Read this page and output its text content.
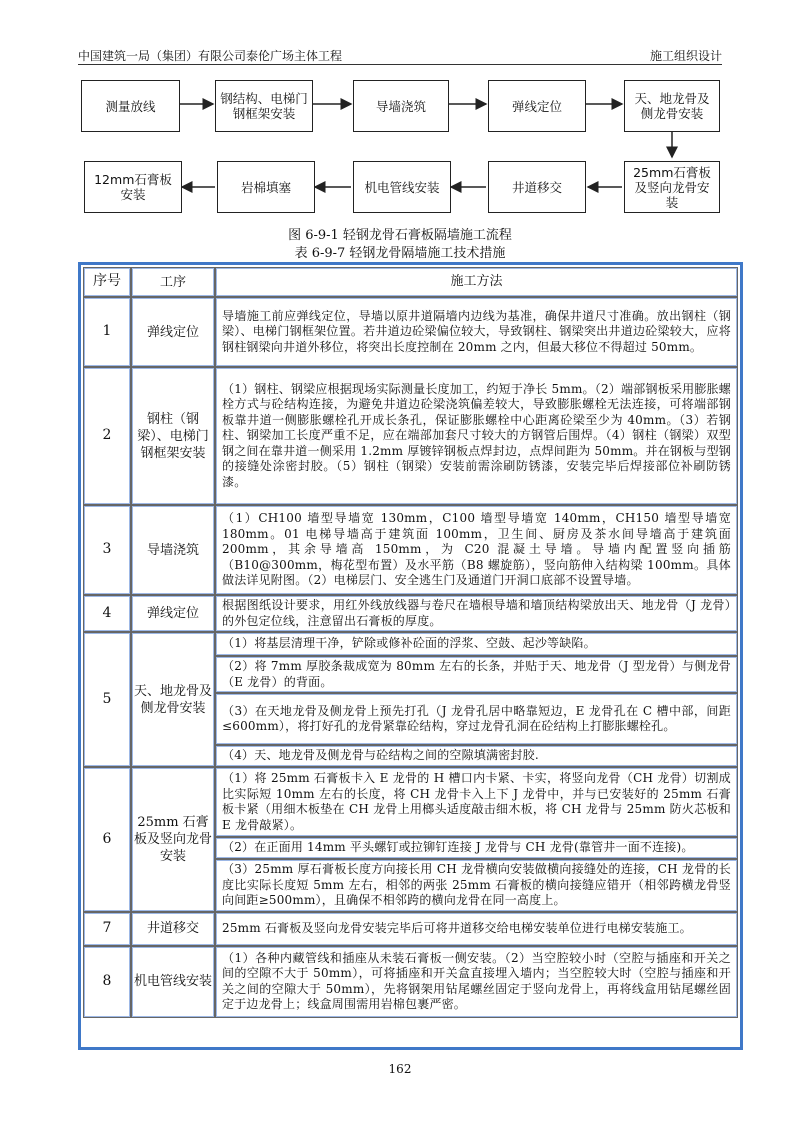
中国建筑一局（集团）有限公司泰伦广场主体工程	施工组织设计
测量放线	钢结构、电梯门钢框架安装	导墙浇筑	弹线定位	天、地龙骨及侧龙骨安装
12mm石膏板安装	岩棉填塞	机电管线安装	井道移交
25mm石膏板及竖向龙骨安装
图 6-9-1 轻钢龙骨石膏板隔墙施工流程
表 6-9-7 轻钢龙骨隔墙施工技术措施
序号	工序	施工方法
1	弹线定位	导墙施工前应弹线定位，导墙以原井道隔墙内边线为基准，确保井道尺寸准确。放出钢柱（钢梁）、电梯门钢框架位置。若井道边砼梁偏位较大，导致钢柱、钢梁突出井道边砼梁较大，应将钢柱钢梁向井道外移位，将突出长度控制在 20mm 之内，但最大移位不得超过 50mm。
2	钢柱（钢梁）、电梯门钢框架安装	（1）钢柱、钢梁应根据现场实际测量长度加工，约短于净长 5mm。（2）端部钢板采用膨胀螺栓方式与砼结构连接，为避免井道边砼梁浇筑偏差较大，导致膨胀螺栓无法连接，可将端部钢板靠井道一侧膨胀螺栓孔开成长条孔，保证膨胀螺栓中心距离砼梁至少为 40mm。（3）若钢柱、钢梁加工长度严重不足，应在端部加套尺寸较大的方钢管后围焊。（4）钢柱（钢梁）双型钢之间在靠井道一侧采用 1.2mm 厚镀锌钢板点焊封边，点焊间距为 50mm。并在钢板与型钢的接缝处涂密封胶。（5）钢柱（钢梁）安装前需涂刷防锈漆，安装完毕后焊接部位补刷防锈漆。
3	导墙浇筑	（1）CH100 墙型导墙宽 130mm，C100 墙型导墙宽 140mm，CH150 墙型导墙宽 180mm。01 电梯导墙高于建筑面 100mm，卫生间、厨房及茶水间导墙高于建筑面 200mm，其余导墙高 150mm，为 C20 混凝土导墙。导墙内配置竖向插筋（B10@300mm，梅花型布置）及水平筋（B8 螺旋筋），竖向筋伸入结构梁 100mm。具体做法详见附图。（2）电梯层门、安全逃生门及通道门开洞口底部不设置导墙。
4	弹线定位	根据图纸设计要求，用红外线放线器与卷尺在墙根导墙和墙顶结构梁放出天、地龙骨（J 龙骨）的外包定位线，注意留出石膏板的厚度。
5	天、地龙骨及侧龙骨安装	（1）将基层清理干净，铲除或修补砼面的浮浆、空鼓、起沙等缺陷。
		（2）将 7mm 厚胶条裁成宽为 80mm 左右的长条，并贴于天、地龙骨（J 型龙骨）与侧龙骨（E 龙骨）的背面。
		（3）在天地龙骨及侧龙骨上预先打孔（J 龙骨孔居中略靠短边，E 龙骨孔在 C 槽中部，间距≤600mm），将打好孔的龙骨紧靠砼结构，穿过龙骨孔洞在砼结构上打膨胀螺栓孔。
		（4）天、地龙骨及侧龙骨与砼结构之间的空隙填满密封胶.
6	25mm 石膏板及竖向龙骨安装	（1）将 25mm 石膏板卡入 E 龙骨的 H 槽口内卡紧、卡实，将竖向龙骨（CH 龙骨）切割成比实际短 10mm 左右的长度，将 CH 龙骨卡入上下 J 龙骨中，并与已安装好的 25mm 石膏板卡紧（用细木板垫在 CH 龙骨上用榔头适度敲击细木板，将 CH 龙骨与 25mm 防火芯板和 E 龙骨敲紧）。
		（2）在正面用 14mm 平头螺钉或拉铆钉连接 J 龙骨与 CH 龙骨(靠管井一面不连接)。
		（3）25mm 厚石膏板长度方向接长用 CH 龙骨横向安装做横向接缝处的连接，CH 龙骨的长度比实际长度短 5mm 左右，相邻的两张 25mm 石膏板的横向接缝应错开（相邻跨横龙骨竖向间距≥500mm），且确保不相邻跨的横向龙骨在同一高度上。
7	井道移交	25mm 石膏板及竖向龙骨安装完毕后可将井道移交给电梯安装单位进行电梯安装施工。
8	机电管线安装	（1）各种内藏管线和插座从未装石膏板一侧安装。（2）当空腔较小时（空腔与插座和开关之间的空隙不大于 50mm），可将插座和开关盒直接埋入墙内；当空腔较大时（空腔与插座和开关之间的空隙大于 50mm），先将钢架用钻尾螺丝固定于竖向龙骨上，再将线盒用钻尾螺丝固定于边龙骨上；线盒周围需用岩棉包裹严密。
162
